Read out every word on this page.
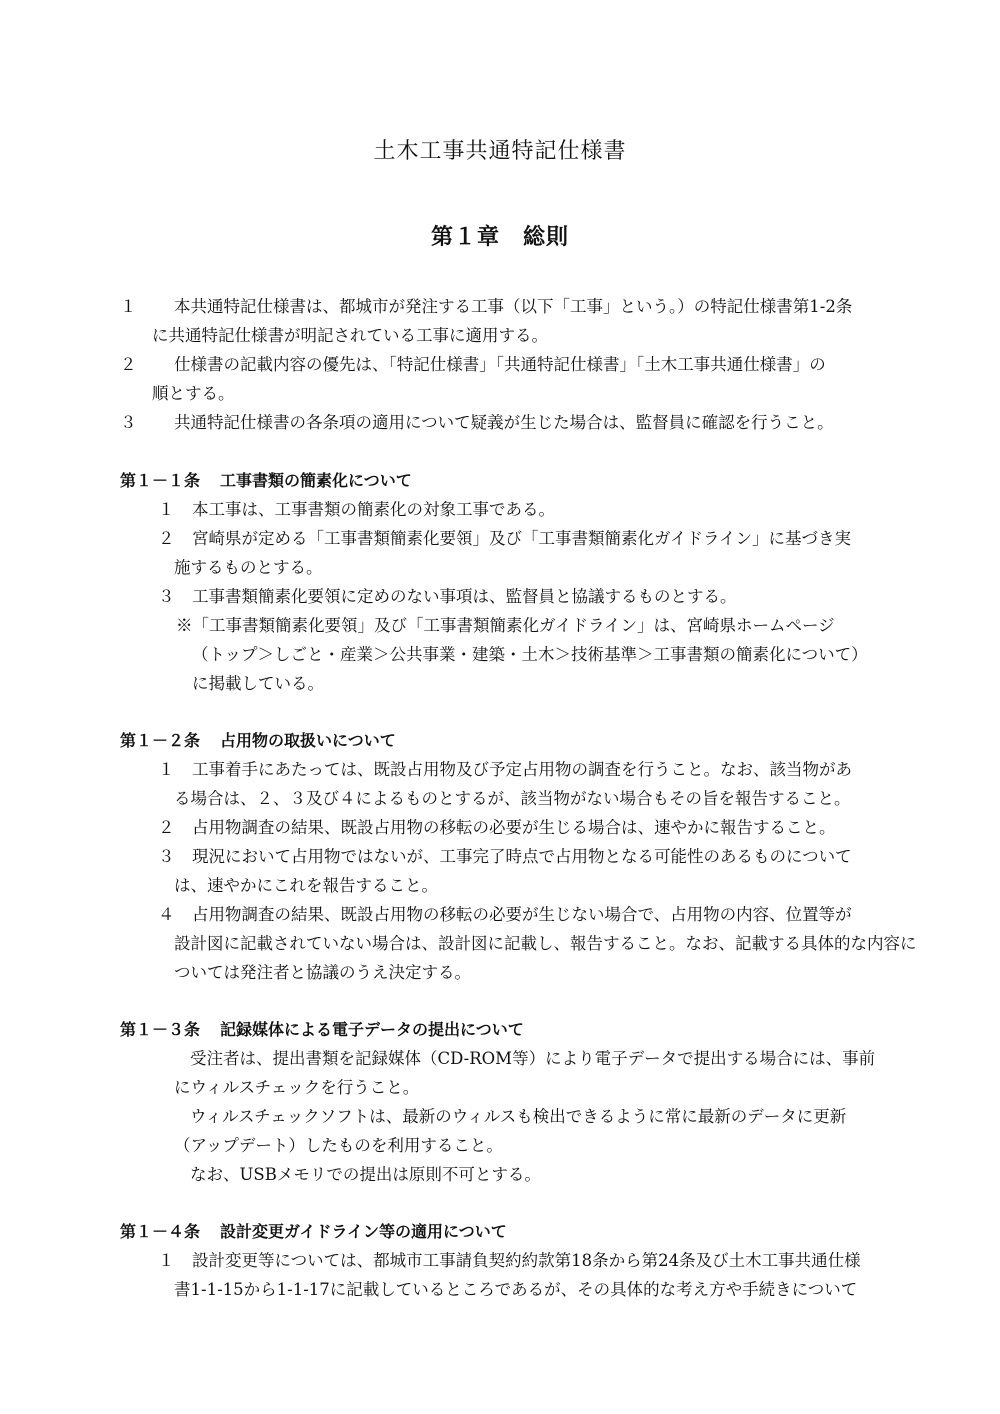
土木工事共通特記仕様書
第１章　総則
１	本共通特記仕様書は、都城市が発注する工事（以下「工事」という。）の特記仕様書第1-2条
に共通特記仕様書が明記されている工事に適用する。
２	仕様書の記載内容の優先は、「特記仕様書」「共通特記仕様書」「土木工事共通仕様書」の
順とする。
３	共通特記仕様書の各条項の適用について疑義が生じた場合は、監督員に確認を行うこと。
第１－１条 工事書類の簡素化について
１	本工事は、工事書類の簡素化の対象工事である。
２	宮崎県が定める「工事書類簡素化要領」及び「工事書類簡素化ガイドライン」に基づき実
施するものとする。
３	工事書類簡素化要領に定めのない事項は、監督員と協議するものとする。
※「工事書類簡素化要領」及び「工事書類簡素化ガイドライン」は、宮崎県ホームページ
（トップ＞しごと・産業＞公共事業・建築・土木＞技術基準＞工事書類の簡素化について）
に掲載している。
第１－２条 占用物の取扱いについて
１	工事着手にあたっては、既設占用物及び予定占用物の調査を行うこと。なお、該当物があ
る場合は、２、３及び４によるものとするが、該当物がない場合もその旨を報告すること。
２	占用物調査の結果、既設占用物の移転の必要が生じる場合は、速やかに報告すること。
３	現況において占用物ではないが、工事完了時点で占用物となる可能性のあるものについて
は、速やかにこれを報告すること。
４	占用物調査の結果、既設占用物の移転の必要が生じない場合で、占用物の内容、位置等が
設計図に記載されていない場合は、設計図に記載し、報告すること。なお、記載する具体的な内容については発注者と協議のうえ決定する。
第１－３条 記録媒体による電子データの提出について
受注者は、提出書類を記録媒体（CD-ROM等）により電子データで提出する場合には、事前
にウィルスチェックを行うこと。
ウィルスチェックソフトは、最新のウィルスも検出できるように常に最新のデータに更新
（アップデート）したものを利用すること。
なお、USBメモリでの提出は原則不可とする。
第１－４条 設計変更ガイドライン等の適用について
１	設計変更等については、都城市工事請負契約約款第18条から第24条及び土木工事共通仕様
書1-1-15から1-1-17に記載しているところであるが、その具体的な考え方や手続きについて
